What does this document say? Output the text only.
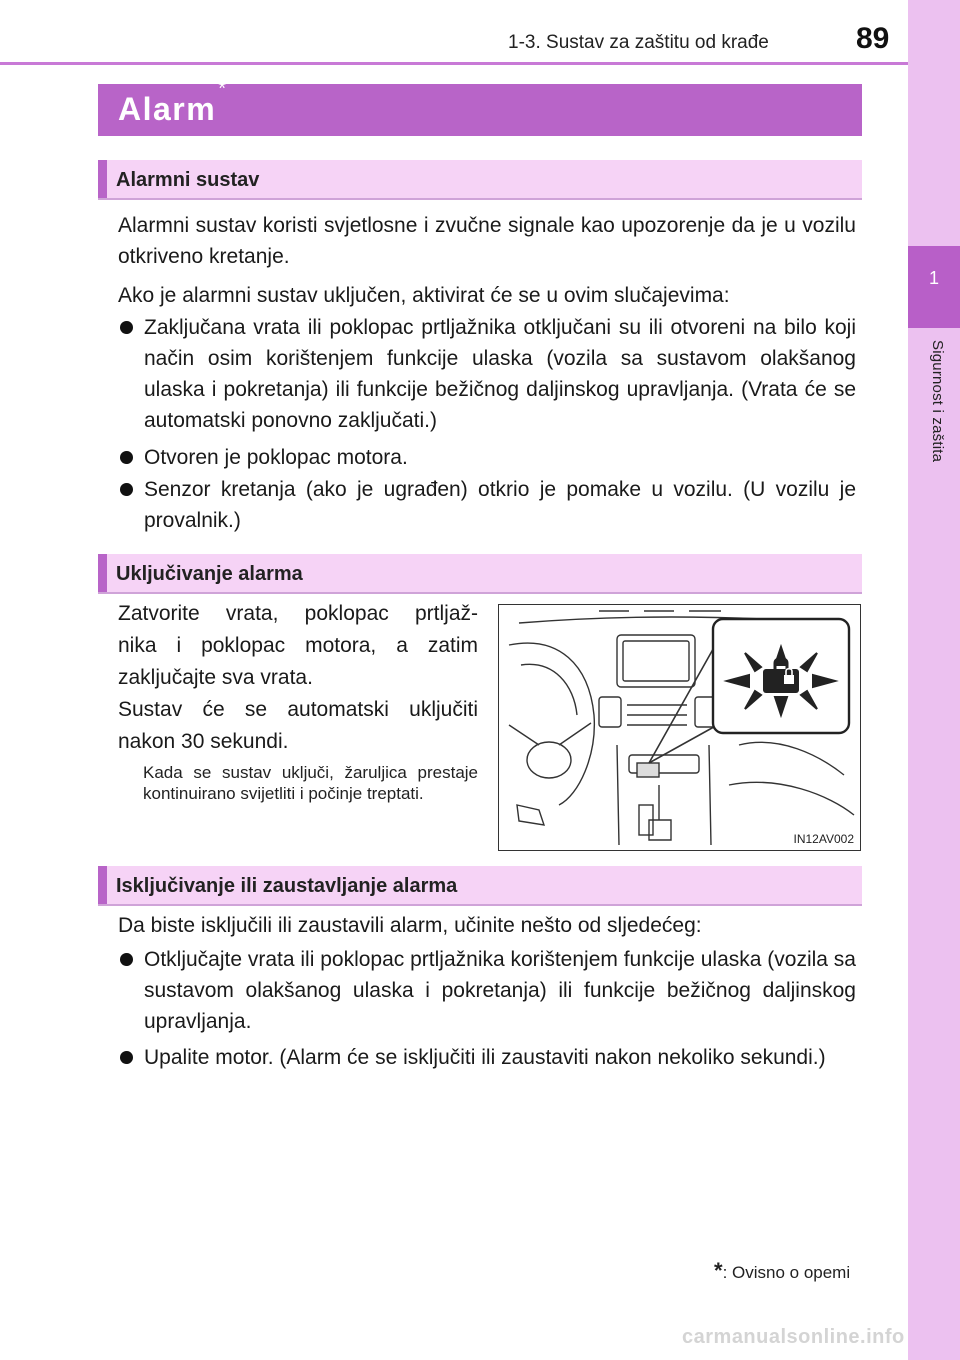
1-3. Sustav za zaštitu od krađe	89
1
Sigurnost i zaštita
Alarm*
Alarmni sustav
Alarmni sustav koristi svjetlosne i zvučne signale kao upozorenje da je u vozilu otkriveno kretanje.
Ako je alarmni sustav uključen, aktivirat će se u ovim slučajevima:
Zaključana vrata ili poklopac prtljažnika otključani su ili otvoreni na bilo koji način osim korištenjem funkcije ulaska (vozila sa sustavom olakšanog ulaska i pokretanja) ili funkcije bežičnog daljinskog upravljanja. (Vrata će se automatski ponovno zaključati.)
Otvoren je poklopac motora.
Senzor kretanja (ako je ugrađen) otkrio je pomake u vozilu. (U vozilu je provalnik.)
Uključivanje alarma
Zatvorite vrata, poklopac prtljaž-
nika i poklopac motora, a zatim
zaključajte sva vrata.
Sustav će se automatski uključiti
nakon 30 sekundi.
Kada se sustav uključi, žaruljica prestaje kontinuirano svijetliti i počinje treptati.
IN12AV002
Isključivanje ili zaustavljanje alarma
Da biste isključili ili zaustavili alarm, učinite nešto od sljedećeg:
Otključajte vrata ili poklopac prtljažnika korištenjem funkcije ulaska (vozila sa sustavom olakšanog ulaska i pokretanja) ili funkcije bežičnog daljinskog upravljanja.
Upalite motor. (Alarm će se isključiti ili zaustaviti nakon nekoliko sekundi.)
*: Ovisno o opemi
carmanualsonline.info
